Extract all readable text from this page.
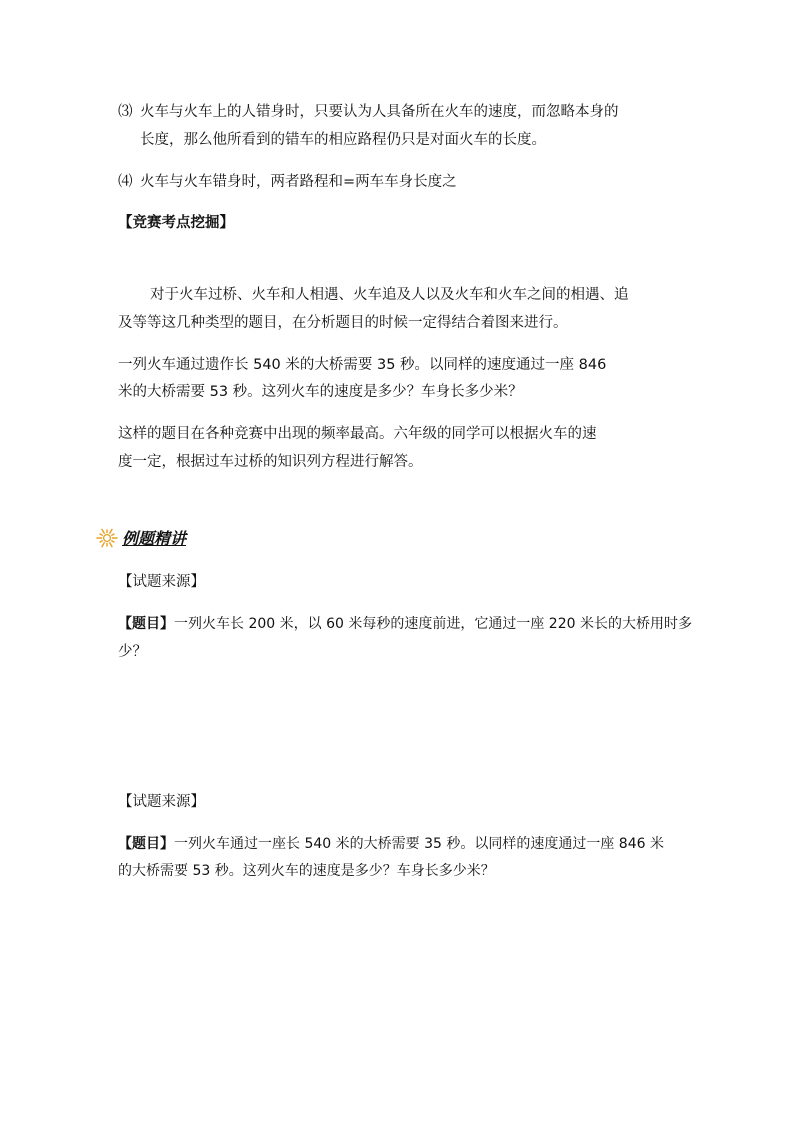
⑶ 火车与火车上的人错身时，只要认为人具备所在火车的速度，而忽略本身的
长度，那么他所看到的错车的相应路程仍只是对面火车的长度。
⑷ 火车与火车错身时，两者路程和=两车车身长度之
【竞赛考点挖掘】
对于火车过桥、火车和人相遇、火车追及人以及火车和火车之间的相遇、追
及等等这几种类型的题目，在分析题目的时候一定得结合着图来进行。
一列火车通过遗作长 540 米的大桥需要 35 秒。以同样的速度通过一座 846
米的大桥需要 53 秒。这列火车的速度是多少？车身长多少米？
这样的题目在各种竞赛中出现的频率最高。六年级的同学可以根据火车的速
度一定，根据过车过桥的知识列方程进行解答。
例题精讲
【试题来源】
【题目】一列火车长 200 米，以 60 米每秒的速度前进，它通过一座 220 米长的大桥用时多
少？
【试题来源】
【题目】一列火车通过一座长 540 米的大桥需要 35 秒。以同样的速度通过一座 846 米
的大桥需要 53 秒。这列火车的速度是多少？车身长多少米？
